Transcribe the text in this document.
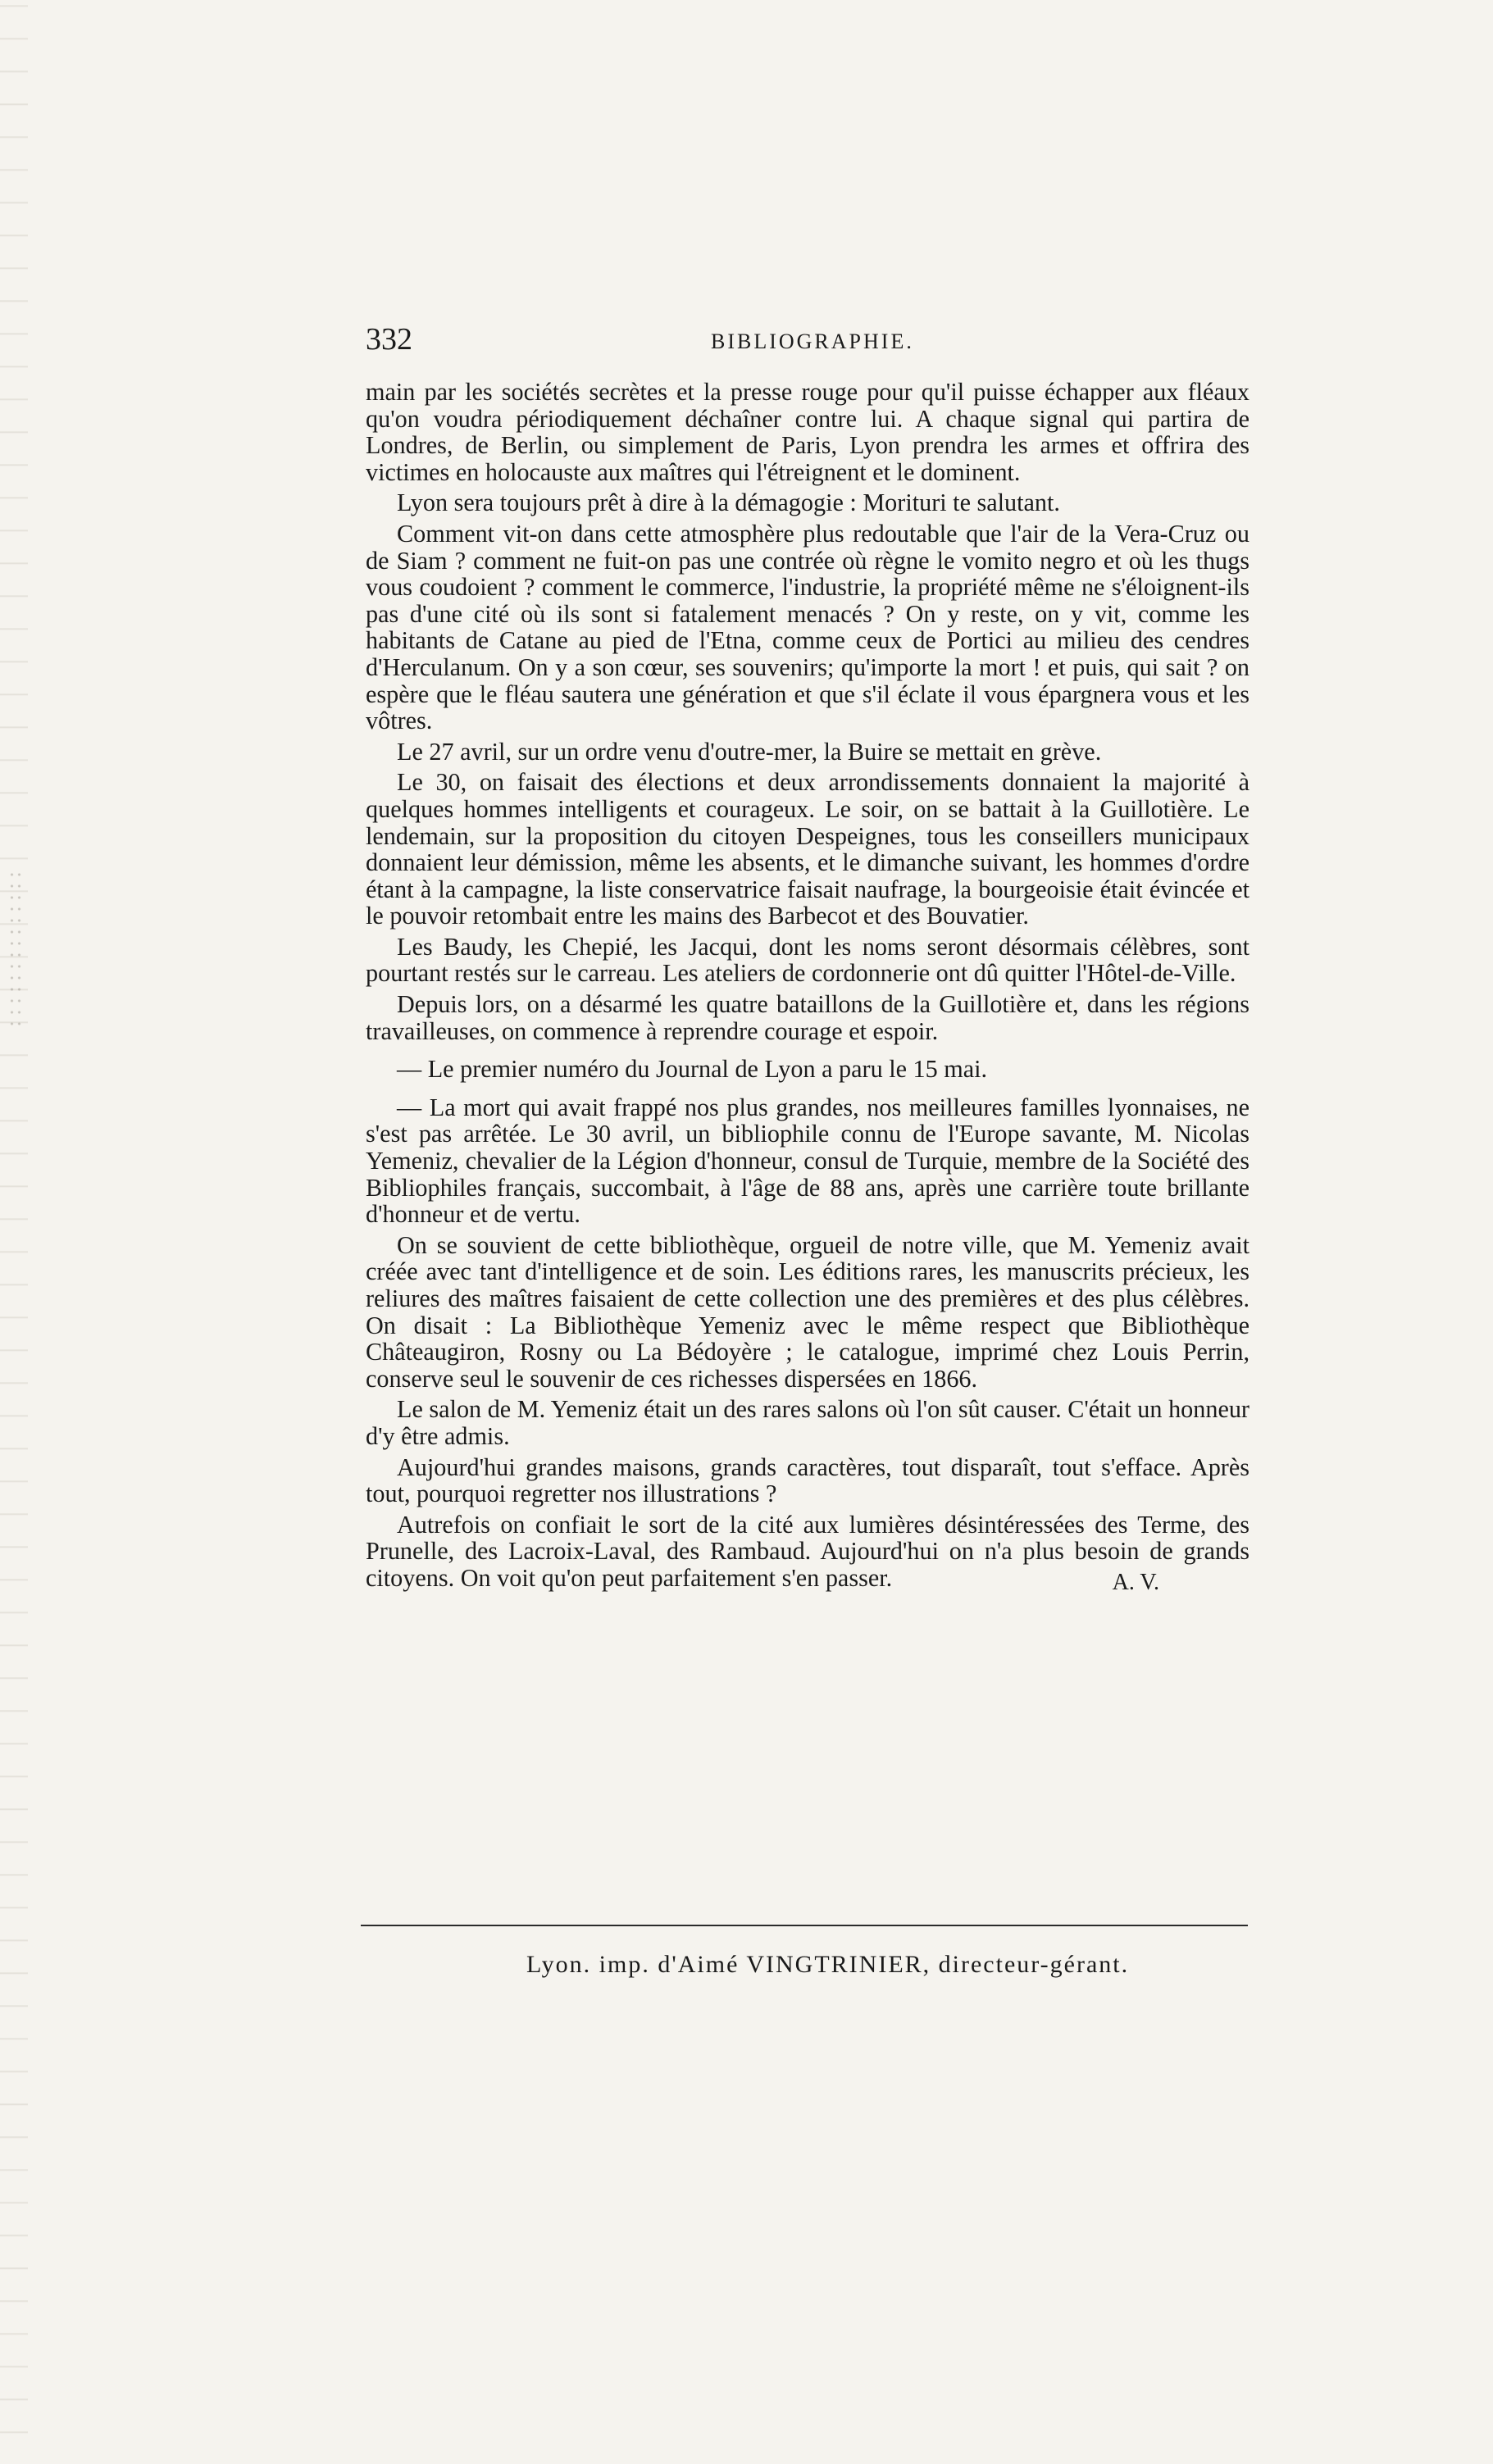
332	BIBLIOGRAPHIE.

main par les sociétés secrètes et la presse rouge pour qu'il puisse échapper aux fléaux qu'on voudra périodiquement déchaîner contre lui. A chaque signal qui partira de Londres, de Berlin, ou simplement de Paris, Lyon prendra les armes et offrira des victimes en holocauste aux maîtres qui l'étreignent et le dominent.

Lyon sera toujours prêt à dire à la démagogie : Morituri te salutant.

Comment vit-on dans cette atmosphère plus redoutable que l'air de la Vera-Cruz ou de Siam ? comment ne fuit-on pas une contrée où règne le vomito negro et où les thugs vous coudoient ? comment le commerce, l'industrie, la propriété même ne s'éloignent-ils pas d'une cité où ils sont si fatalement menacés ? On y reste, on y vit, comme les habitants de Catane au pied de l'Etna, comme ceux de Portici au milieu des cendres d'Herculanum. On y a son cœur, ses souvenirs; qu'importe la mort ! et puis, qui sait ? on espère que le fléau sautera une génération et que s'il éclate il vous épargnera vous et les vôtres.

Le 27 avril, sur un ordre venu d'outre-mer, la Buire se mettait en grève.

Le 30, on faisait des élections et deux arrondissements donnaient la majorité à quelques hommes intelligents et courageux. Le soir, on se battait à la Guillotière. Le lendemain, sur la proposition du citoyen Despeignes, tous les conseillers municipaux donnaient leur démission, même les absents, et le dimanche suivant, les hommes d'ordre étant à la campagne, la liste conservatrice faisait naufrage, la bourgeoisie était évincée et le pouvoir retombait entre les mains des Barbecot et des Bouvatier.

Les Baudy, les Chepié, les Jacqui, dont les noms seront désormais célèbres, sont pourtant restés sur le carreau. Les ateliers de cordonnerie ont dû quitter l'Hôtel-de-Ville.

Depuis lors, on a désarmé les quatre bataillons de la Guillotière et, dans les régions travailleuses, on commence à reprendre courage et espoir.

— Le premier numéro du Journal de Lyon a paru le 15 mai.

— La mort qui avait frappé nos plus grandes, nos meilleures familles lyonnaises, ne s'est pas arrêtée. Le 30 avril, un bibliophile connu de l'Europe savante, M. Nicolas Yemeniz, chevalier de la Légion d'honneur, consul de Turquie, membre de la Société des Bibliophiles français, succombait, à l'âge de 88 ans, après une carrière toute brillante d'honneur et de vertu.

On se souvient de cette bibliothèque, orgueil de notre ville, que M. Yemeniz avait créée avec tant d'intelligence et de soin. Les éditions rares, les manuscrits précieux, les reliures des maîtres faisaient de cette collection une des premières et des plus célèbres. On disait : La Bibliothèque Yemeniz avec le même respect que Bibliothèque Châteaugiron, Rosny ou La Bédoyère ; le catalogue, imprimé chez Louis Perrin, conserve seul le souvenir de ces richesses dispersées en 1866.

Le salon de M. Yemeniz était un des rares salons où l'on sût causer. C'était un honneur d'y être admis.

Aujourd'hui grandes maisons, grands caractères, tout disparaît, tout s'efface. Après tout, pourquoi regretter nos illustrations ?

Autrefois on confiait le sort de la cité aux lumières désintéressées des Terme, des Prunelle, des Lacroix-Laval, des Rambaud. Aujourd'hui on n'a plus besoin de grands citoyens. On voit qu'on peut parfaitement s'en passer.	A. V.
Lyon. imp. d'Aimé VINGTRINIER, directeur-gérant.
